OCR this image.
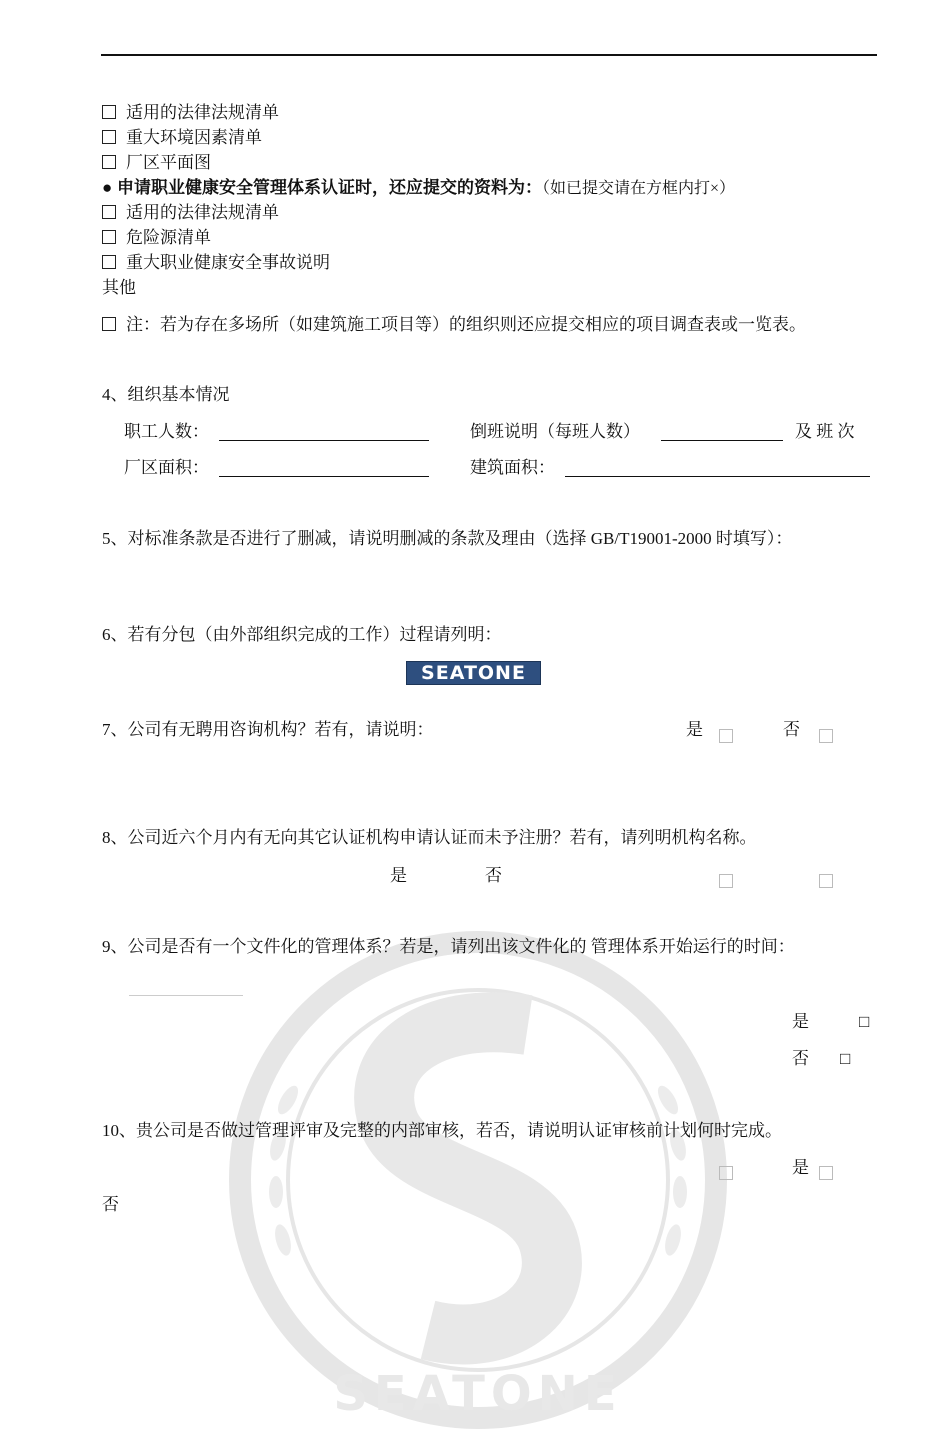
SEATONE
适用的法律法规清单
重大环境因素清单
厂区平面图
● 申请职业健康安全管理体系认证时，还应提交的资料为：（如已提交请在方框内打×）
适用的法律法规清单
危险源清单
重大职业健康安全事故说明
其他
注：若为存在多场所（如建筑施工项目等）的组织则还应提交相应的项目调查表或一览表。
4、组织基本情况
职工人数：	倒班说明（每班人数）	及 班 次
厂区面积：	建筑面积：
5、对标准条款是否进行了删减，请说明删减的条款及理由（选择 GB/T19001-2000 时填写）：
6、若有分包（由外部组织完成的工作）过程请列明：
SEATONE
7、公司有无聘用咨询机构？若有，请说明：	是	否
8、公司近六个月内有无向其它认证机构申请认证而未予注册？若有，请列明机构名称。
是	否
9、公司是否有一个文件化的管理体系？若是，请列出该文件化的 管理体系开始运行的时间：
是	□
否 □
10、贵公司是否做过管理评审及完整的内部审核，若否，请说明认证审核前计划何时完成。
是
否
